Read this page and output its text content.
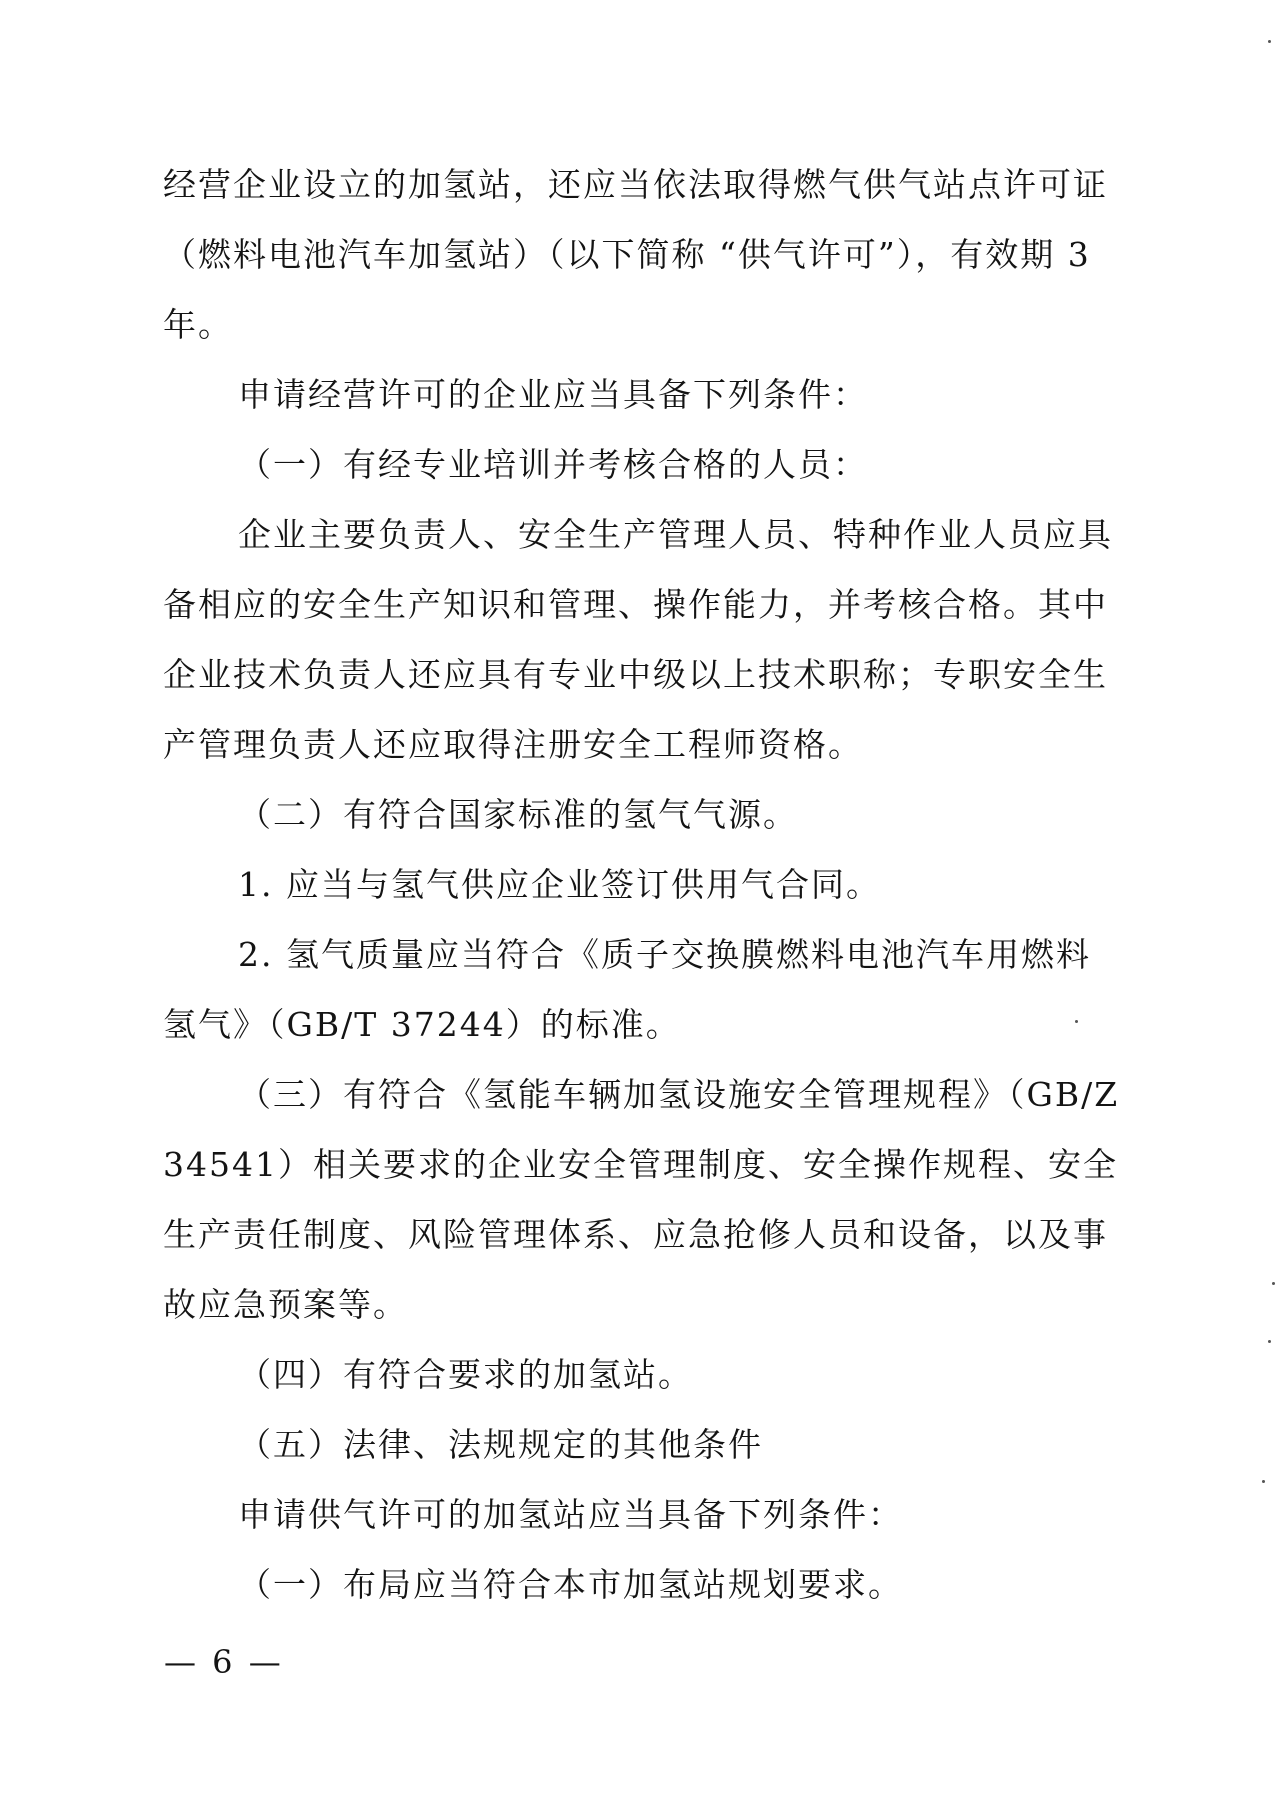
经营企业设立的加氢站，还应当依法取得燃气供气站点许可证
（燃料电池汽车加氢站）（以下简称 “供气许可”），有效期 3
年。
申请经营许可的企业应当具备下列条件：
（一）有经专业培训并考核合格的人员：
企业主要负责人、安全生产管理人员、特种作业人员应具
备相应的安全生产知识和管理、操作能力，并考核合格。其中
企业技术负责人还应具有专业中级以上技术职称；专职安全生
产管理负责人还应取得注册安全工程师资格。
（二）有符合国家标准的氢气气源。
1. 应当与氢气供应企业签订供用气合同。
2. 氢气质量应当符合《质子交换膜燃料电池汽车用燃料
氢气》（GB/T 37244）的标准。
（三）有符合《氢能车辆加氢设施安全管理规程》（GB/Z
34541）相关要求的企业安全管理制度、安全操作规程、安全
生产责任制度、风险管理体系、应急抢修人员和设备，以及事
故应急预案等。
（四）有符合要求的加氢站。
（五）法律、法规规定的其他条件
申请供气许可的加氢站应当具备下列条件：
（一）布局应当符合本市加氢站规划要求。
— 6 —
